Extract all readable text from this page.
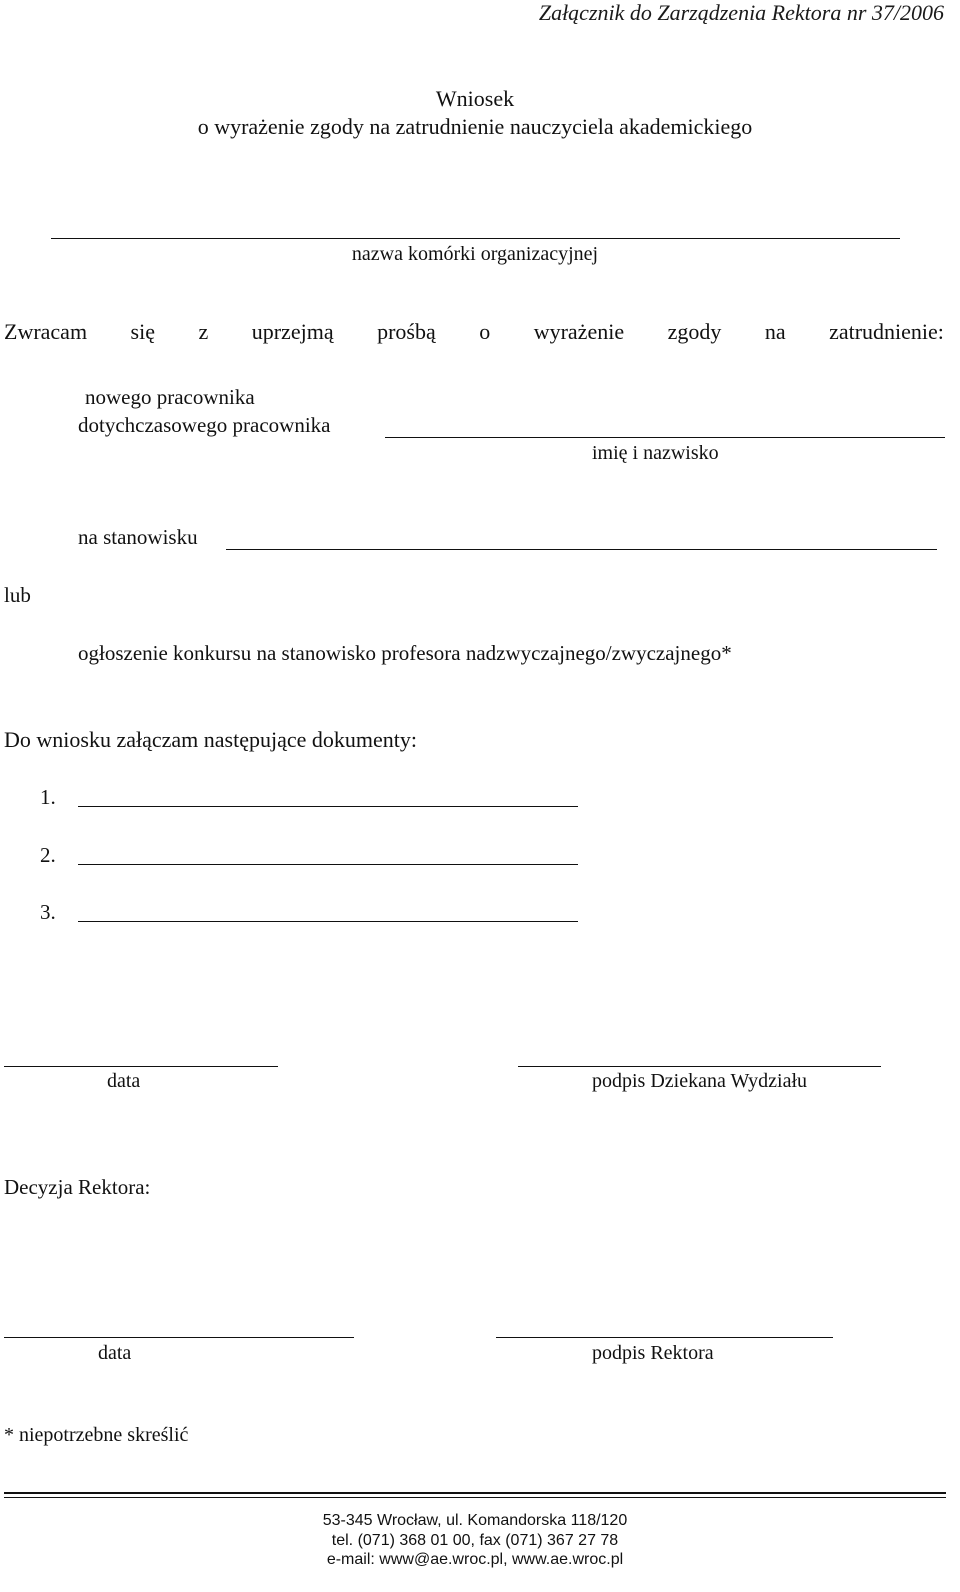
Załącznik do Zarządzenia Rektora nr 37/2006
Wniosek
o wyrażenie zgody na zatrudnienie nauczyciela akademickiego
nazwa komórki organizacyjnej
Zwracam się z uprzejmą prośbą o wyrażenie zgody na zatrudnienie:
nowego pracownika
dotychczasowego pracownika
imię i nazwisko
na stanowisku
lub
ogłoszenie konkursu na stanowisko profesora nadzwyczajnego/zwyczajnego*
Do wniosku załączam następujące dokumenty:
1.
2.
3.
data	podpis Dziekana Wydziału
Decyzja Rektora:
data	podpis Rektora
* niepotrzebne skreślić
53-345 Wrocław, ul. Komandorska 118/120
tel. (071) 368 01 00, fax (071) 367 27 78
e-mail: www@ae.wroc.pl, www.ae.wroc.pl
